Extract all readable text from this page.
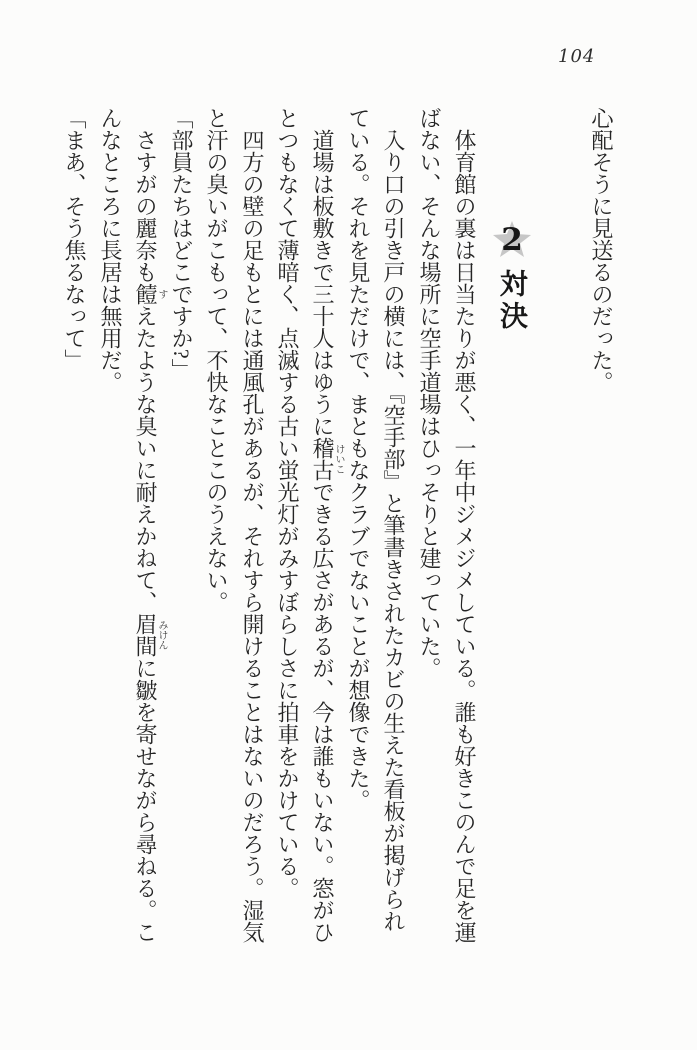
104
2
対決	心配そうに見送るのだった。
体育館の裏は日当たりが悪く、一年中ジメジメしている。誰も好きこのんで足を運
ばない、そんな場所に空手道場はひっそりと建っていた。
入り口の引き戸の横には、『空手部』と筆書きされたカビの生えた看板が掲げられ
ている。それを見ただけで、まともなクラブでないことが想像できた。
道場は板敷きで三十人はゆうに稽古けいこできる広さがあるが、今は誰もいない。窓がひ
とつもなくて薄暗く、点滅する古い蛍光灯がみすぼらしさに拍車をかけている。
四方の壁の足もとには通風孔があるが、それすら開けることはないのだろう。湿気
と汗の臭いがこもって、不快なことこのうえない。
「部員たちはどこですか?」
さすがの麗奈も饐すえたような臭いに耐えかねて、眉間みけんに皺を寄せながら尋ねる。こ
んなところに長居は無用だ。
「まあ、そう焦るなって」
